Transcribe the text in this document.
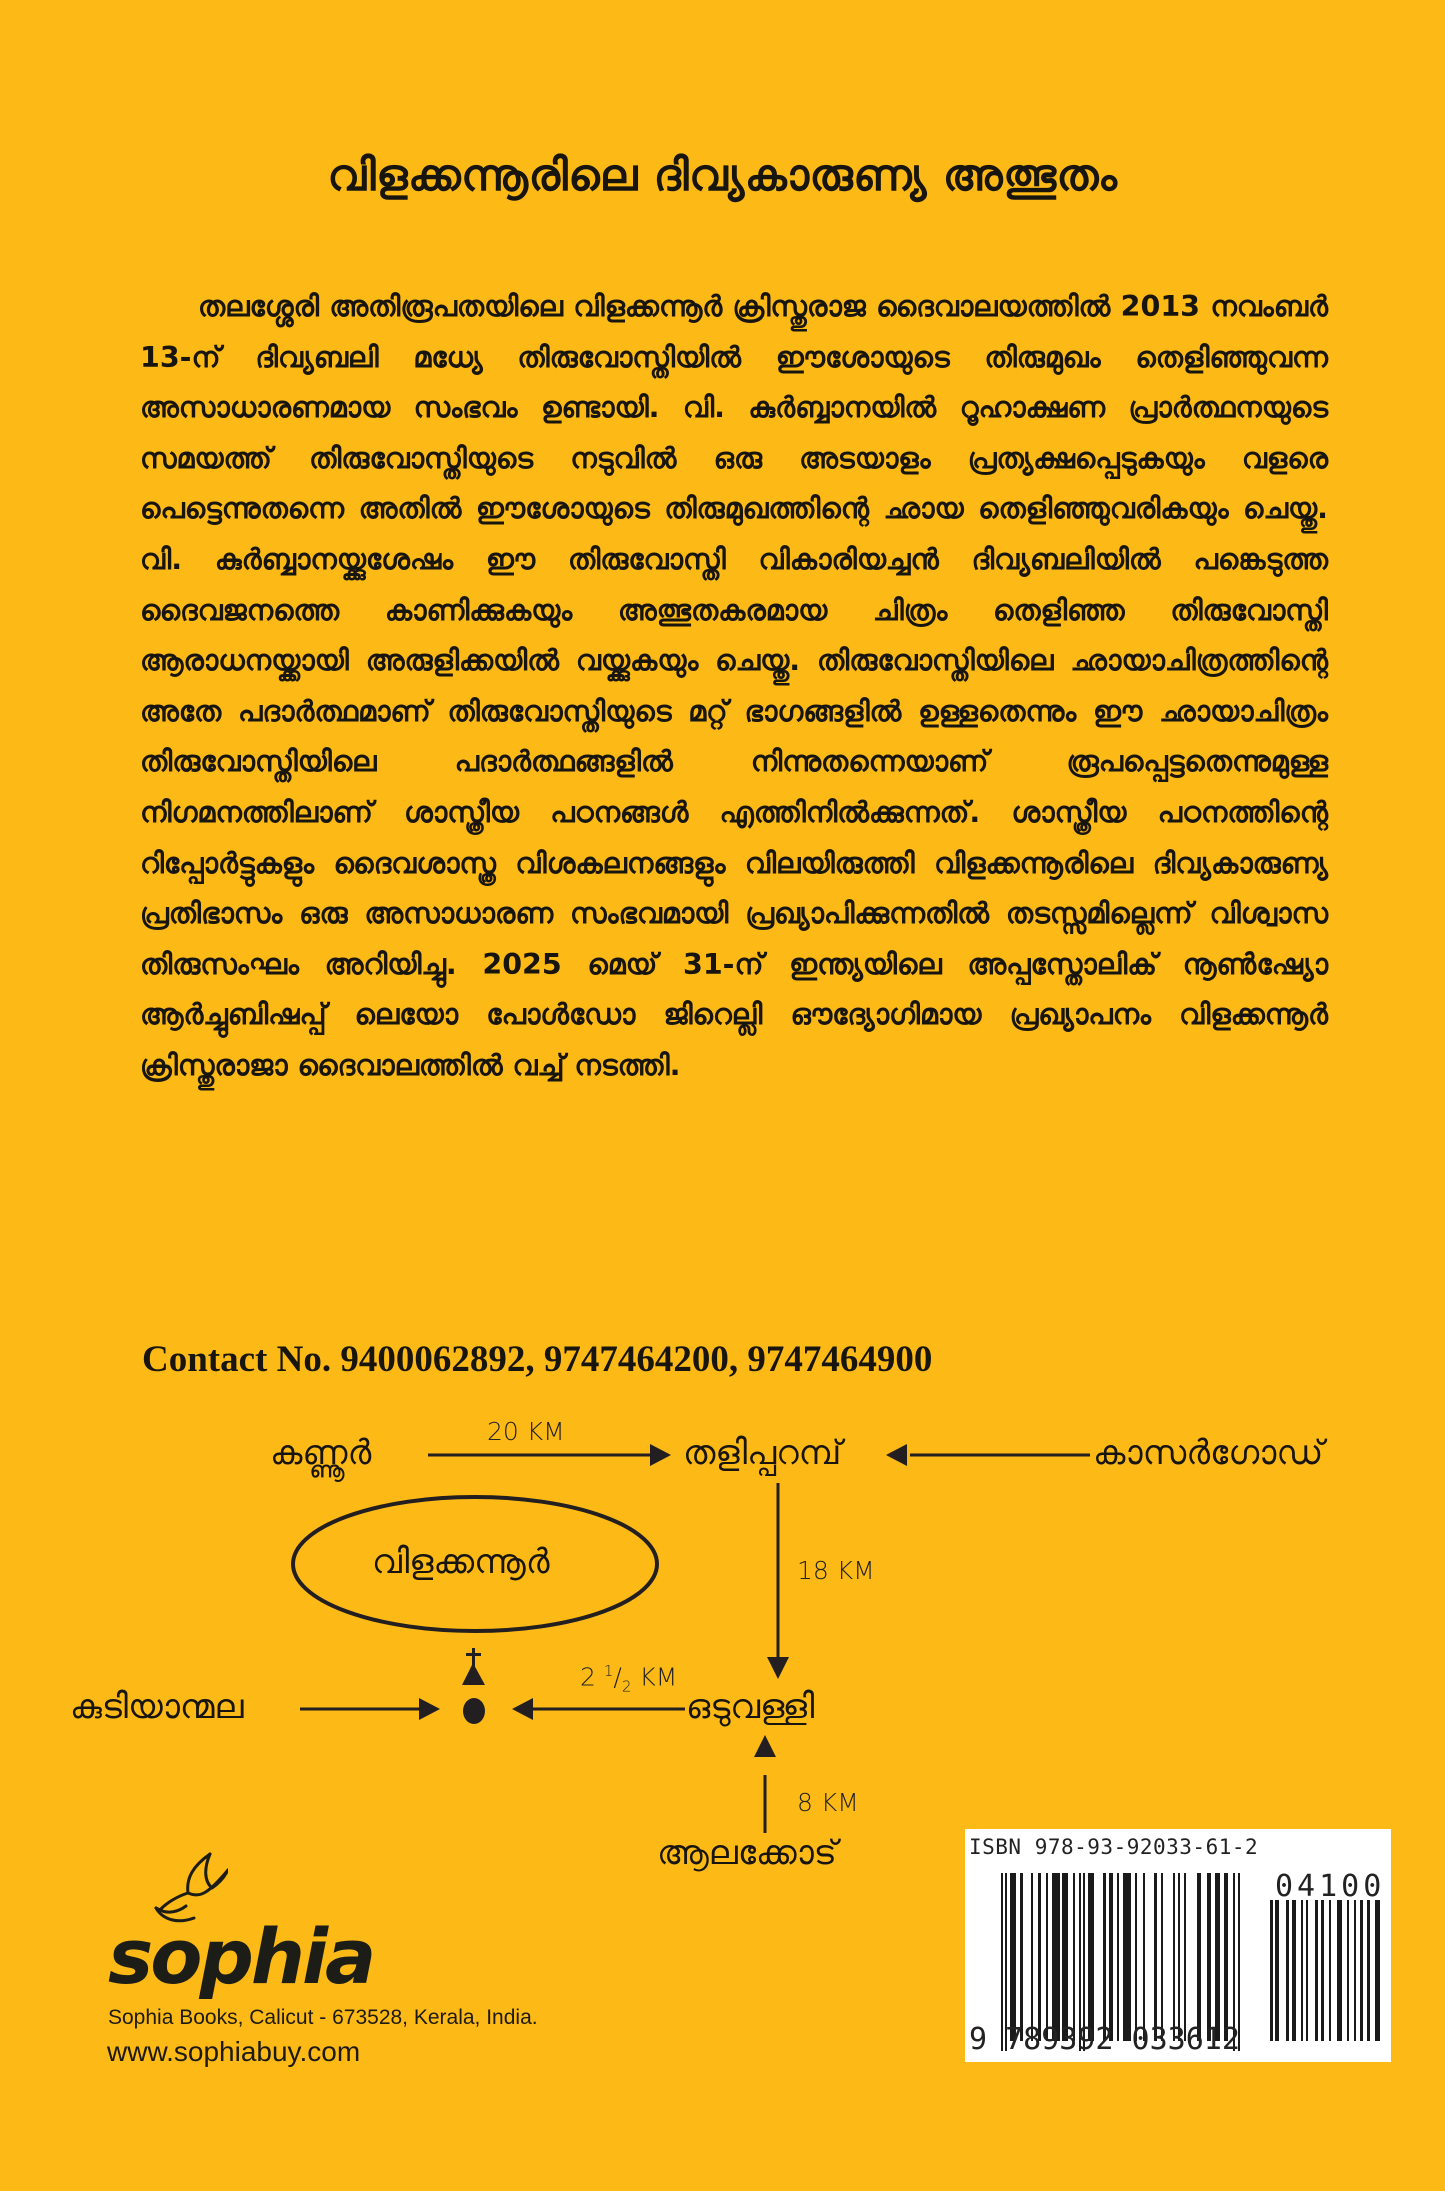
വിളക്കന്നൂരിലെ ദിവ്യകാരുണ്യ അത്ഭുതം
തലശ്ശേരി അതിരൂപതയിലെ വിളക്കന്നൂർ ക്രിസ്തുരാജ ദൈവാലയത്തിൽ 2013 നവംബർ 13-ന് ദിവ്യബലി മധ്യേ തിരുവോസ്തിയിൽ ഈശോയുടെ തിരുമുഖം തെളിഞ്ഞുവന്ന അസാധാരണമായ സംഭവം ഉണ്ടായി. വി. കുർബ്ബാനയിൽ റൂഹാക്ഷണ പ്രാർത്ഥനയുടെ സമയത്ത് തിരുവോസ്തിയുടെ നടുവിൽ ഒരു അടയാളം പ്രത്യക്ഷപ്പെടുകയും വളരെ പെട്ടെന്നുതന്നെ അതിൽ ഈശോയുടെ തിരുമുഖത്തിന്റെ ഛായ തെളിഞ്ഞുവരികയും ചെയ്തു. വി. കുർബ്ബാനയ്ക്കുശേഷം ഈ തിരുവോസ്തി വികാരിയച്ചൻ ദിവ്യബലിയിൽ പങ്കെടുത്ത ദൈവജനത്തെ കാണിക്കുകയും അത്ഭുതകരമായ ചിത്രം തെളിഞ്ഞ തിരുവോസ്തി ആരാധനയ്ക്കായി അരുളിക്കയിൽ വയ്ക്കുകയും ചെയ്തു. തിരുവോസ്തിയിലെ ഛായാചിത്രത്തിന്റെ അതേ പദാർത്ഥമാണ് തിരുവോസ്തിയുടെ മറ്റ് ഭാഗങ്ങളിൽ ഉള്ളതെന്നും ഈ ഛായാചിത്രം തിരുവോസ്തിയിലെ പദാർത്ഥങ്ങളിൽ നിന്നുതന്നെയാണ് രൂപപ്പെട്ടതെന്നുമുള്ള നിഗമനത്തിലാണ് ശാസ്ത്രീയ പഠനങ്ങൾ എത്തിനിൽക്കുന്നത്. ശാസ്ത്രീയ പഠനത്തിന്റെ റിപ്പോർട്ടുകളും ദൈവശാസ്ത്ര വിശകലനങ്ങളും വിലയിരുത്തി വിളക്കന്നൂരിലെ ദിവ്യകാരുണ്യ പ്രതിഭാസം ഒരു അസാധാരണ സംഭവമായി പ്രഖ്യാപിക്കുന്നതിൽ തടസ്സമില്ലെന്ന് വിശ്വാസ തിരുസംഘം അറിയിച്ചു. 2025 മെയ് 31-ന് ഇന്ത്യയിലെ അപ്പസ്തോലിക് നൂൺഷ്യോ ആർച്ചുബിഷപ്പ് ലെയോ പോൾഡോ ജിറെല്ലി ഔദ്യോഗിമായ പ്രഖ്യാപനം വിളക്കന്നൂർ ക്രിസ്തുരാജാ ദൈവാലത്തിൽ വച്ച് നടത്തി.
Contact No. 9400062892, 9747464200, 9747464900
കണ്ണൂർ
20 KM
തളിപ്പറമ്പ്	കാസർഗോഡ്
വിളക്കന്നൂർ	18 KM
കുടിയാന്മല
2 $^1/_2$ KM
ഒടുവള്ളി
8 KM
ആലക്കോട്	ISBN 978-93-92033-61-2
04100
9 789392 033612
sophia
Sophia Books, Calicut - 673528, Kerala, India.
www.sophiabuy.com
